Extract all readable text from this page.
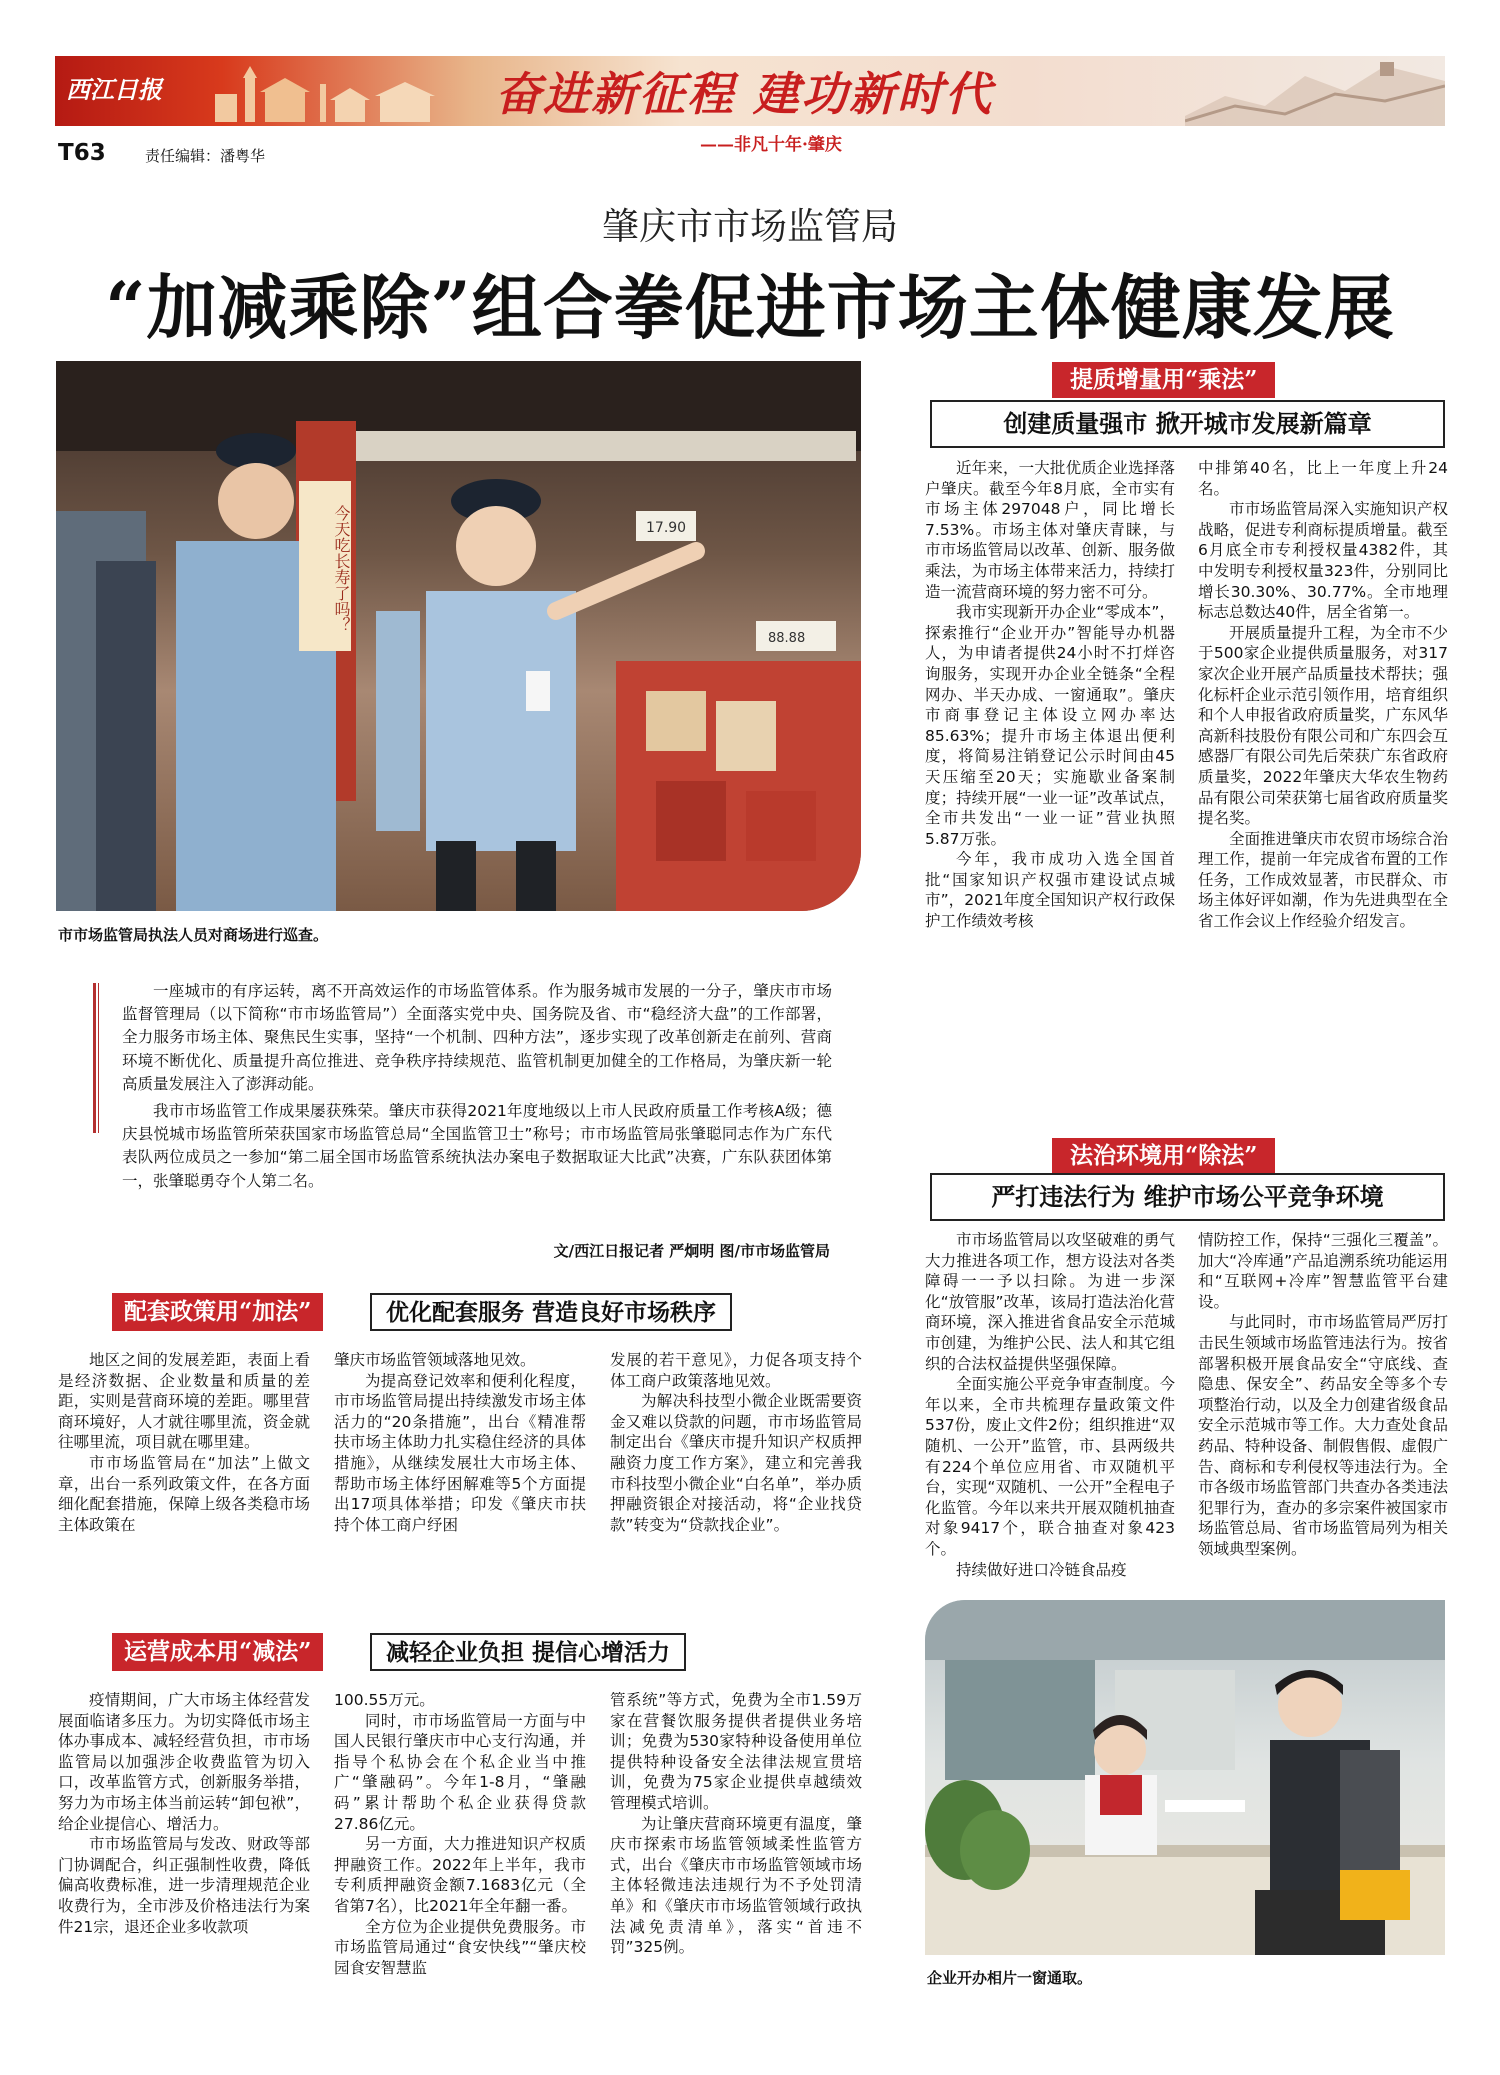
西江日报	奋进新征程 建功新时代
——非凡十年·肇庆
T63	责任编辑：潘粤华
肇庆市市场监管局
“加减乘除”组合拳促进市场主体健康发展
17.90
88.88
今天吃长寿了吗？
市市场监管局执法人员对商场进行巡查。

一座城市的有序运转，离不开高效运作的市场监管体系。作为服务城市发展的一分子，肇庆市市场监督管理局（以下简称“市市场监管局”）全面落实党中央、国务院及省、市“稳经济大盘”的工作部署，全力服务市场主体、聚焦民生实事，坚持“一个机制、四种方法”，逐步实现了改革创新走在前列、营商环境不断优化、质量提升高位推进、竞争秩序持续规范、监管机制更加健全的工作格局，为肇庆新一轮高质量发展注入了澎湃动能。

我市市场监管工作成果屡获殊荣。肇庆市获得2021年度地级以上市人民政府质量工作考核A级；德庆县悦城市场监管所荣获国家市场监管总局“全国监管卫士”称号；市市场监管局张肇聪同志作为广东代表队两位成员之一参加“第二届全国市场监管系统执法办案电子数据取证大比武”决赛，广东队获团体第一，张肇聪勇夺个人第二名。

文/西江日报记者 严炯明 图/市市场监管局
配套政策用“加法”	优化配套服务 营造良好市场秩序

地区之间的发展差距，表面上看是经济数据、企业数量和质量的差距，实则是营商环境的差距。哪里营商环境好，人才就往哪里流，资金就往哪里流，项目就在哪里建。

市市场监管局在“加法”上做文章，出台一系列政策文件，在各方面细化配套措施，保障上级各类稳市场主体政策在

肇庆市场监管领域落地见效。

为提高登记效率和便利化程度，市市场监管局提出持续激发市场主体活力的“20条措施”，出台《精准帮扶市场主体助力扎实稳住经济的具体措施》，从继续发展壮大市场主体、帮助市场主体纾困解难等5个方面提出17项具体举措；印发《肇庆市扶持个体工商户纾困

发展的若干意见》，力促各项支持个体工商户政策落地见效。

为解决科技型小微企业既需要资金又难以贷款的问题，市市场监管局制定出台《肇庆市提升知识产权质押融资力度工作方案》，建立和完善我市科技型小微企业“白名单”，举办质押融资银企对接活动，将“企业找贷款”转变为“贷款找企业”。

运营成本用“减法”	减轻企业负担 提信心增活力

疫情期间，广大市场主体经营发展面临诸多压力。为切实降低市场主体办事成本、减轻经营负担，市市场监管局以加强涉企收费监管为切入口，改革监管方式，创新服务举措，努力为市场主体当前运转“卸包袱”，给企业提信心、增活力。

市市场监管局与发改、财政等部门协调配合，纠正强制性收费，降低偏高收费标准，进一步清理规范企业收费行为，全市涉及价格违法行为案件21宗，退还企业多收款项

100.55万元。

同时，市市场监管局一方面与中国人民银行肇庆市中心支行沟通，并指导个私协会在个私企业当中推广“肇融码”。今年1-8月，“肇融码”累计帮助个私企业获得贷款27.86亿元。

另一方面，大力推进知识产权质押融资工作。2022年上半年，我市专利质押融资金额7.1683亿元（全省第7名），比2021年全年翻一番。

全方位为企业提供免费服务。市市场监管局通过“食安快线”“肇庆校园食安智慧监

管系统”等方式，免费为全市1.59万家在营餐饮服务提供者提供业务培训；免费为530家特种设备使用单位提供特种设备安全法律法规宣贯培训，免费为75家企业提供卓越绩效管理模式培训。

为让肇庆营商环境更有温度，肇庆市探索市场监管领域柔性监管方式，出台《肇庆市市场监管领域市场主体轻微违法违规行为不予处罚清单》和《肇庆市市场监管领域行政执法减免责清单》，落实“首违不罚”325例。

提质增量用“乘法”
创建质量强市 掀开城市发展新篇章

近年来，一大批优质企业选择落户肇庆。截至今年8月底，全市实有市场主体297048户，同比增长7.53%。市场主体对肇庆青睐，与市市场监管局以改革、创新、服务做乘法，为市场主体带来活力，持续打造一流营商环境的努力密不可分。

我市实现新开办企业“零成本”，探索推行“企业开办”智能导办机器人，为申请者提供24小时不打烊咨询服务，实现开办企业全链条“全程网办、半天办成、一窗通取”。肇庆市商事登记主体设立网办率达85.63%；提升市场主体退出便利度，将简易注销登记公示时间由45天压缩至20天；实施歇业备案制度；持续开展“一业一证”改革试点，全市共发出“一业一证”营业执照5.87万张。

今年，我市成功入选全国首批“国家知识产权强市建设试点城市”，2021年度全国知识产权行政保护工作绩效考核

中排第40名，比上一年度上升24名。

市市场监管局深入实施知识产权战略，促进专利商标提质增量。截至6月底全市专利授权量4382件，其中发明专利授权量323件，分别同比增长30.30%、30.77%。全市地理标志总数达40件，居全省第一。

开展质量提升工程，为全市不少于500家企业提供质量服务，对317家次企业开展产品质量技术帮扶；强化标杆企业示范引领作用，培育组织和个人申报省政府质量奖，广东风华高新科技股份有限公司和广东四会互感器厂有限公司先后荣获广东省政府质量奖，2022年肇庆大华农生物药品有限公司荣获第七届省政府质量奖提名奖。

全面推进肇庆市农贸市场综合治理工作，提前一年完成省布置的工作任务，工作成效显著，市民群众、市场主体好评如潮，作为先进典型在全省工作会议上作经验介绍发言。

法治环境用“除法”
严打违法行为 维护市场公平竞争环境

市市场监管局以攻坚破难的勇气大力推进各项工作，想方设法对各类障碍一一予以扫除。为进一步深化“放管服”改革，该局打造法治化营商环境，深入推进省食品安全示范城市创建，为维护公民、法人和其它组织的合法权益提供坚强保障。

全面实施公平竞争审查制度。今年以来，全市共梳理存量政策文件537份，废止文件2份；组织推进“双随机、一公开”监管，市、县两级共有224个单位应用省、市双随机平台，实现“双随机、一公开”全程电子化监管。今年以来共开展双随机抽查对象9417个，联合抽查对象423个。

持续做好进口冷链食品疫

情防控工作，保持“三强化三覆盖”。加大“冷库通”产品追溯系统功能运用和“互联网+冷库”智慧监管平台建设。

与此同时，市市场监管局严厉打击民生领域市场监管违法行为。按省部署积极开展食品安全“守底线、查隐患、保安全”、药品安全等多个专项整治行动，以及全力创建省级食品安全示范城市等工作。大力查处食品药品、特种设备、制假售假、虚假广告、商标和专利侵权等违法行为。全市各级市场监管部门共查办各类违法犯罪行为，查办的多宗案件被国家市场监管总局、省市场监管局列为相关领域典型案例。

企业开办相片一窗通取。
